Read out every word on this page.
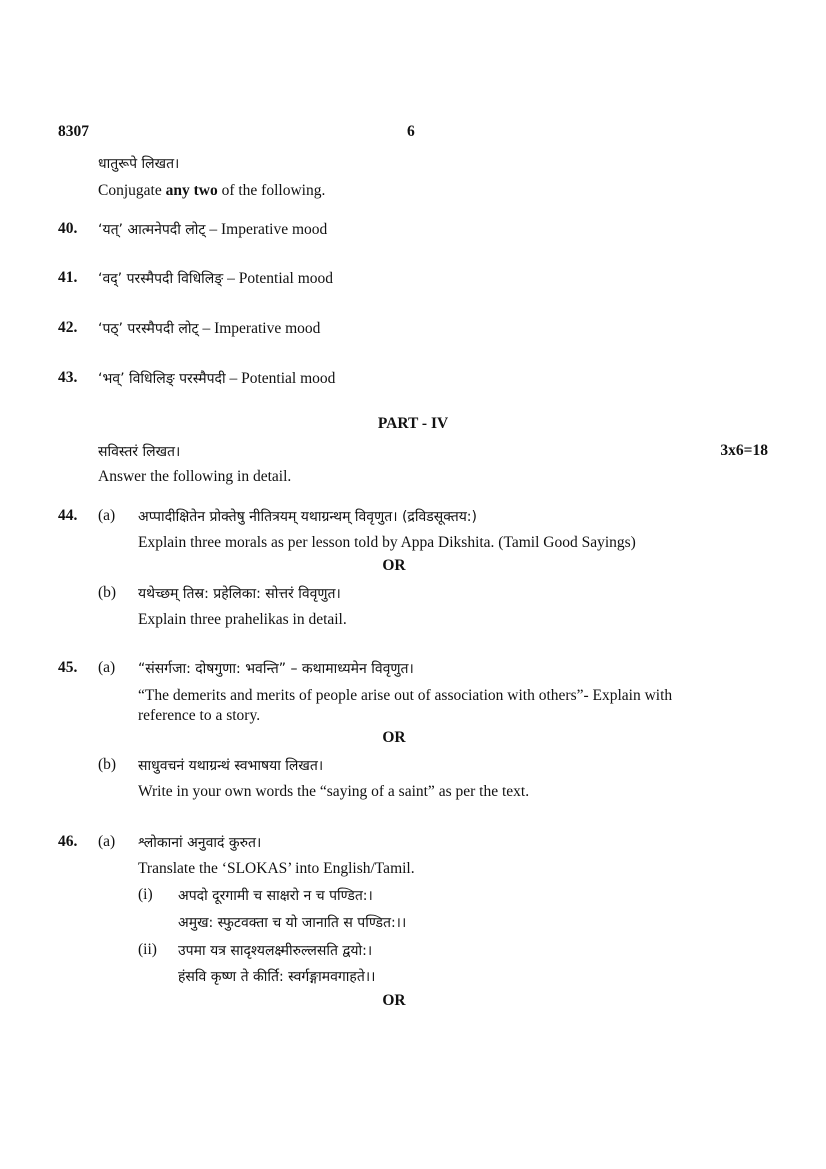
8307	6
धातुरूपे लिखत।
Conjugate any two of the following.
40. ‘यत्’ आत्मनेपदी लोट् – Imperative mood
41. ‘वद्’ परस्मैपदी विधिलिङ् – Potential mood
42. ‘पठ्’ परस्मैपदी लोट् – Imperative mood
43. ‘भव्’ विधिलिङ् परस्मैपदी – Potential mood
PART - IV
सविस्तरं लिखत।	3x6=18
Answer the following in detail.
44. (a) अप्पादीक्षितेन प्रोक्तेषु नीतित्रयम् यथाग्रन्थम् विवृणुत। (द्रविडसूक्तय:)
Explain three morals as per lesson told by Appa Dikshita. (Tamil Good Sayings)
OR
(b) यथेच्छम् तिस्र: प्रहेलिका: सोत्तरं विवृणुत।
Explain three prahelikas in detail.
45. (a) “संसर्गजा: दोषगुणा: भवन्ति” – कथामाध्यमेन विवृणुत।
“The demerits and merits of people arise out of association with others”- Explain with
reference to a story.
OR
(b) साधुवचनं यथाग्रन्थं स्वभाषया लिखत।
Write in your own words the “saying of a saint” as per the text.
46. (a) श्लोकानां अनुवादं कुरुत।
Translate the ‘SLOKAS’ into English/Tamil.
(i) अपदो दूरगामी च साक्षरो न च पण्डित:।
अमुख: स्फुटवक्ता च यो जानाति स पण्डित:।।
(ii) उपमा यत्र सादृश्यलक्ष्मीरुल्लसति द्वयो:।
हंसवि कृष्ण ते कीर्ति: स्वर्गङ्गामवगाहते।।
OR
